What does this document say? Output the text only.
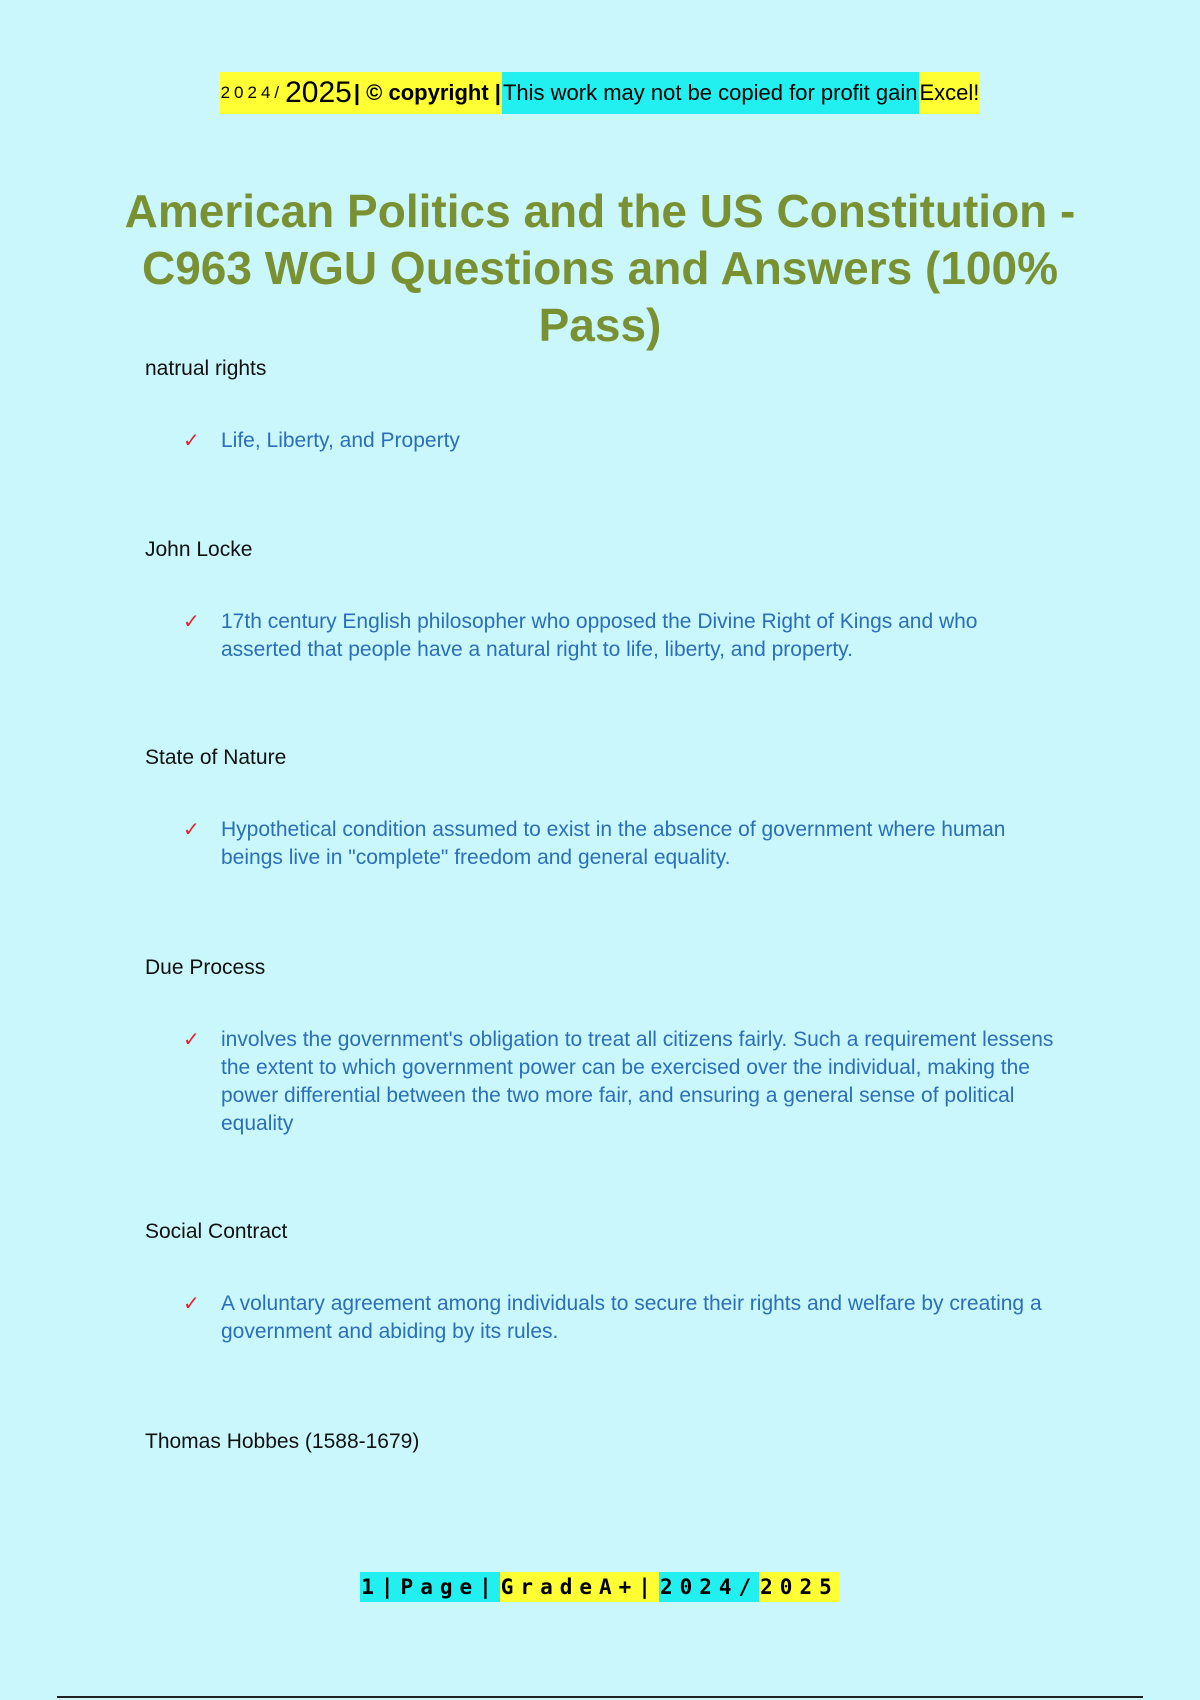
2024/2025| © copyright |This work may not be copied for profit gainExcel!
American Politics and the US Constitution - C963 WGU Questions and Answers (100% Pass)

natrual rights

✓	Life, Liberty, and Property

John Locke

✓	17th century English philosopher who opposed the Divine Right of Kings and who asserted that people have a natural right to life, liberty, and property.

State of Nature

✓	Hypothetical condition assumed to exist in the absence of government where human beings live in "complete" freedom and general equality.

Due Process

✓	involves the government's obligation to treat all citizens fairly. Such a requirement lessens the extent to which government power can be exercised over the individual, making the power differential between the two more fair, and ensuring a general sense of political equality

Social Contract

✓	A voluntary agreement among individuals to secure their rights and welfare by creating a government and abiding by its rules.

Thomas Hobbes (1588-1679)

1|Page|GradeA+|2024/2025
